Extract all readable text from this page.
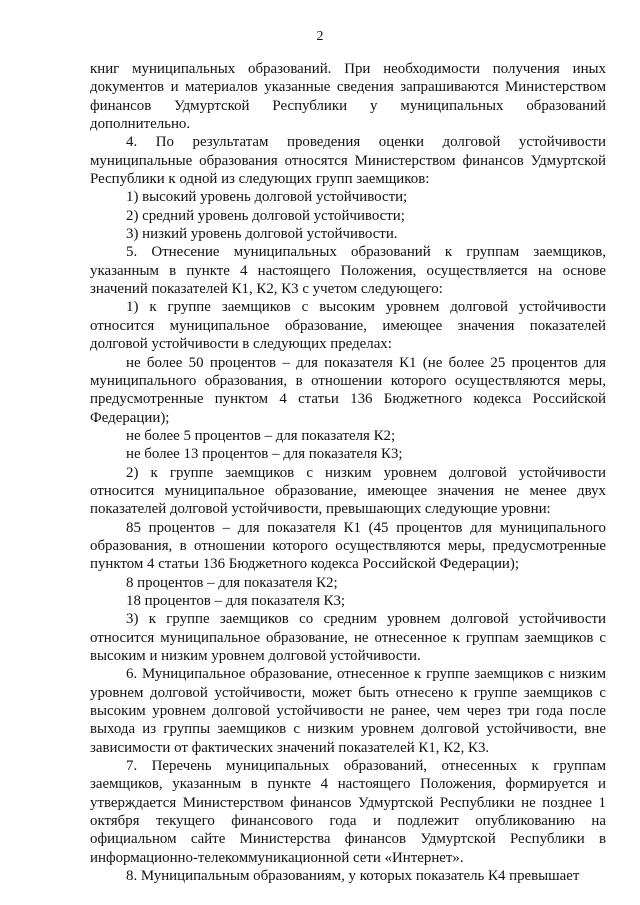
2

книг муниципальных образований. При необходимости получения иных документов и материалов указанные сведения запрашиваются Министерством финансов Удмуртской Республики у муниципальных образований дополнительно.

4. По результатам проведения оценки долговой устойчивости муниципальные образования относятся Министерством финансов Удмуртской Республики к одной из следующих групп заемщиков:

1) высокий уровень долговой устойчивости;

2) средний уровень долговой устойчивости;

3) низкий уровень долговой устойчивости.

5. Отнесение муниципальных образований к группам заемщиков, указанным в пункте 4 настоящего Положения, осуществляется на основе значений показателей К1, К2, К3 с учетом следующего:

1) к группе заемщиков с высоким уровнем долговой устойчивости относится муниципальное образование, имеющее значения показателей долговой устойчивости в следующих пределах:

не более 50 процентов – для показателя К1 (не более 25 процентов для муниципального образования, в отношении которого осуществляются меры, предусмотренные пунктом 4 статьи 136 Бюджетного кодекса Российской Федерации);

не более 5 процентов – для показателя К2;

не более 13 процентов – для показателя К3;

2) к группе заемщиков с низким уровнем долговой устойчивости относится муниципальное образование, имеющее значения не менее двух показателей долговой устойчивости, превышающих следующие уровни:

85 процентов – для показателя К1 (45 процентов для муниципального образования, в отношении которого осуществляются меры, предусмотренные пунктом 4 статьи 136 Бюджетного кодекса Российской Федерации);

8 процентов – для показателя К2;

18 процентов – для показателя К3;

3) к группе заемщиков со средним уровнем долговой устойчивости относится муниципальное образование, не отнесенное к группам заемщиков с высоким и низким уровнем долговой устойчивости.

6. Муниципальное образование, отнесенное к группе заемщиков с низким уровнем долговой устойчивости, может быть отнесено к группе заемщиков с высоким уровнем долговой устойчивости не ранее, чем через три года после выхода из группы заемщиков с низким уровнем долговой устойчивости, вне зависимости от фактических значений показателей К1, К2, К3.

7. Перечень муниципальных образований, отнесенных к группам заемщиков, указанным в пункте 4 настоящего Положения, формируется и утверждается Министерством финансов Удмуртской Республики не позднее 1 октября текущего финансового года и подлежит опубликованию на официальном сайте Министерства финансов Удмуртской Республики в информационно-телекоммуникационной сети «Интернет».

8. Муниципальным образованиям, у которых показатель К4 превышает
